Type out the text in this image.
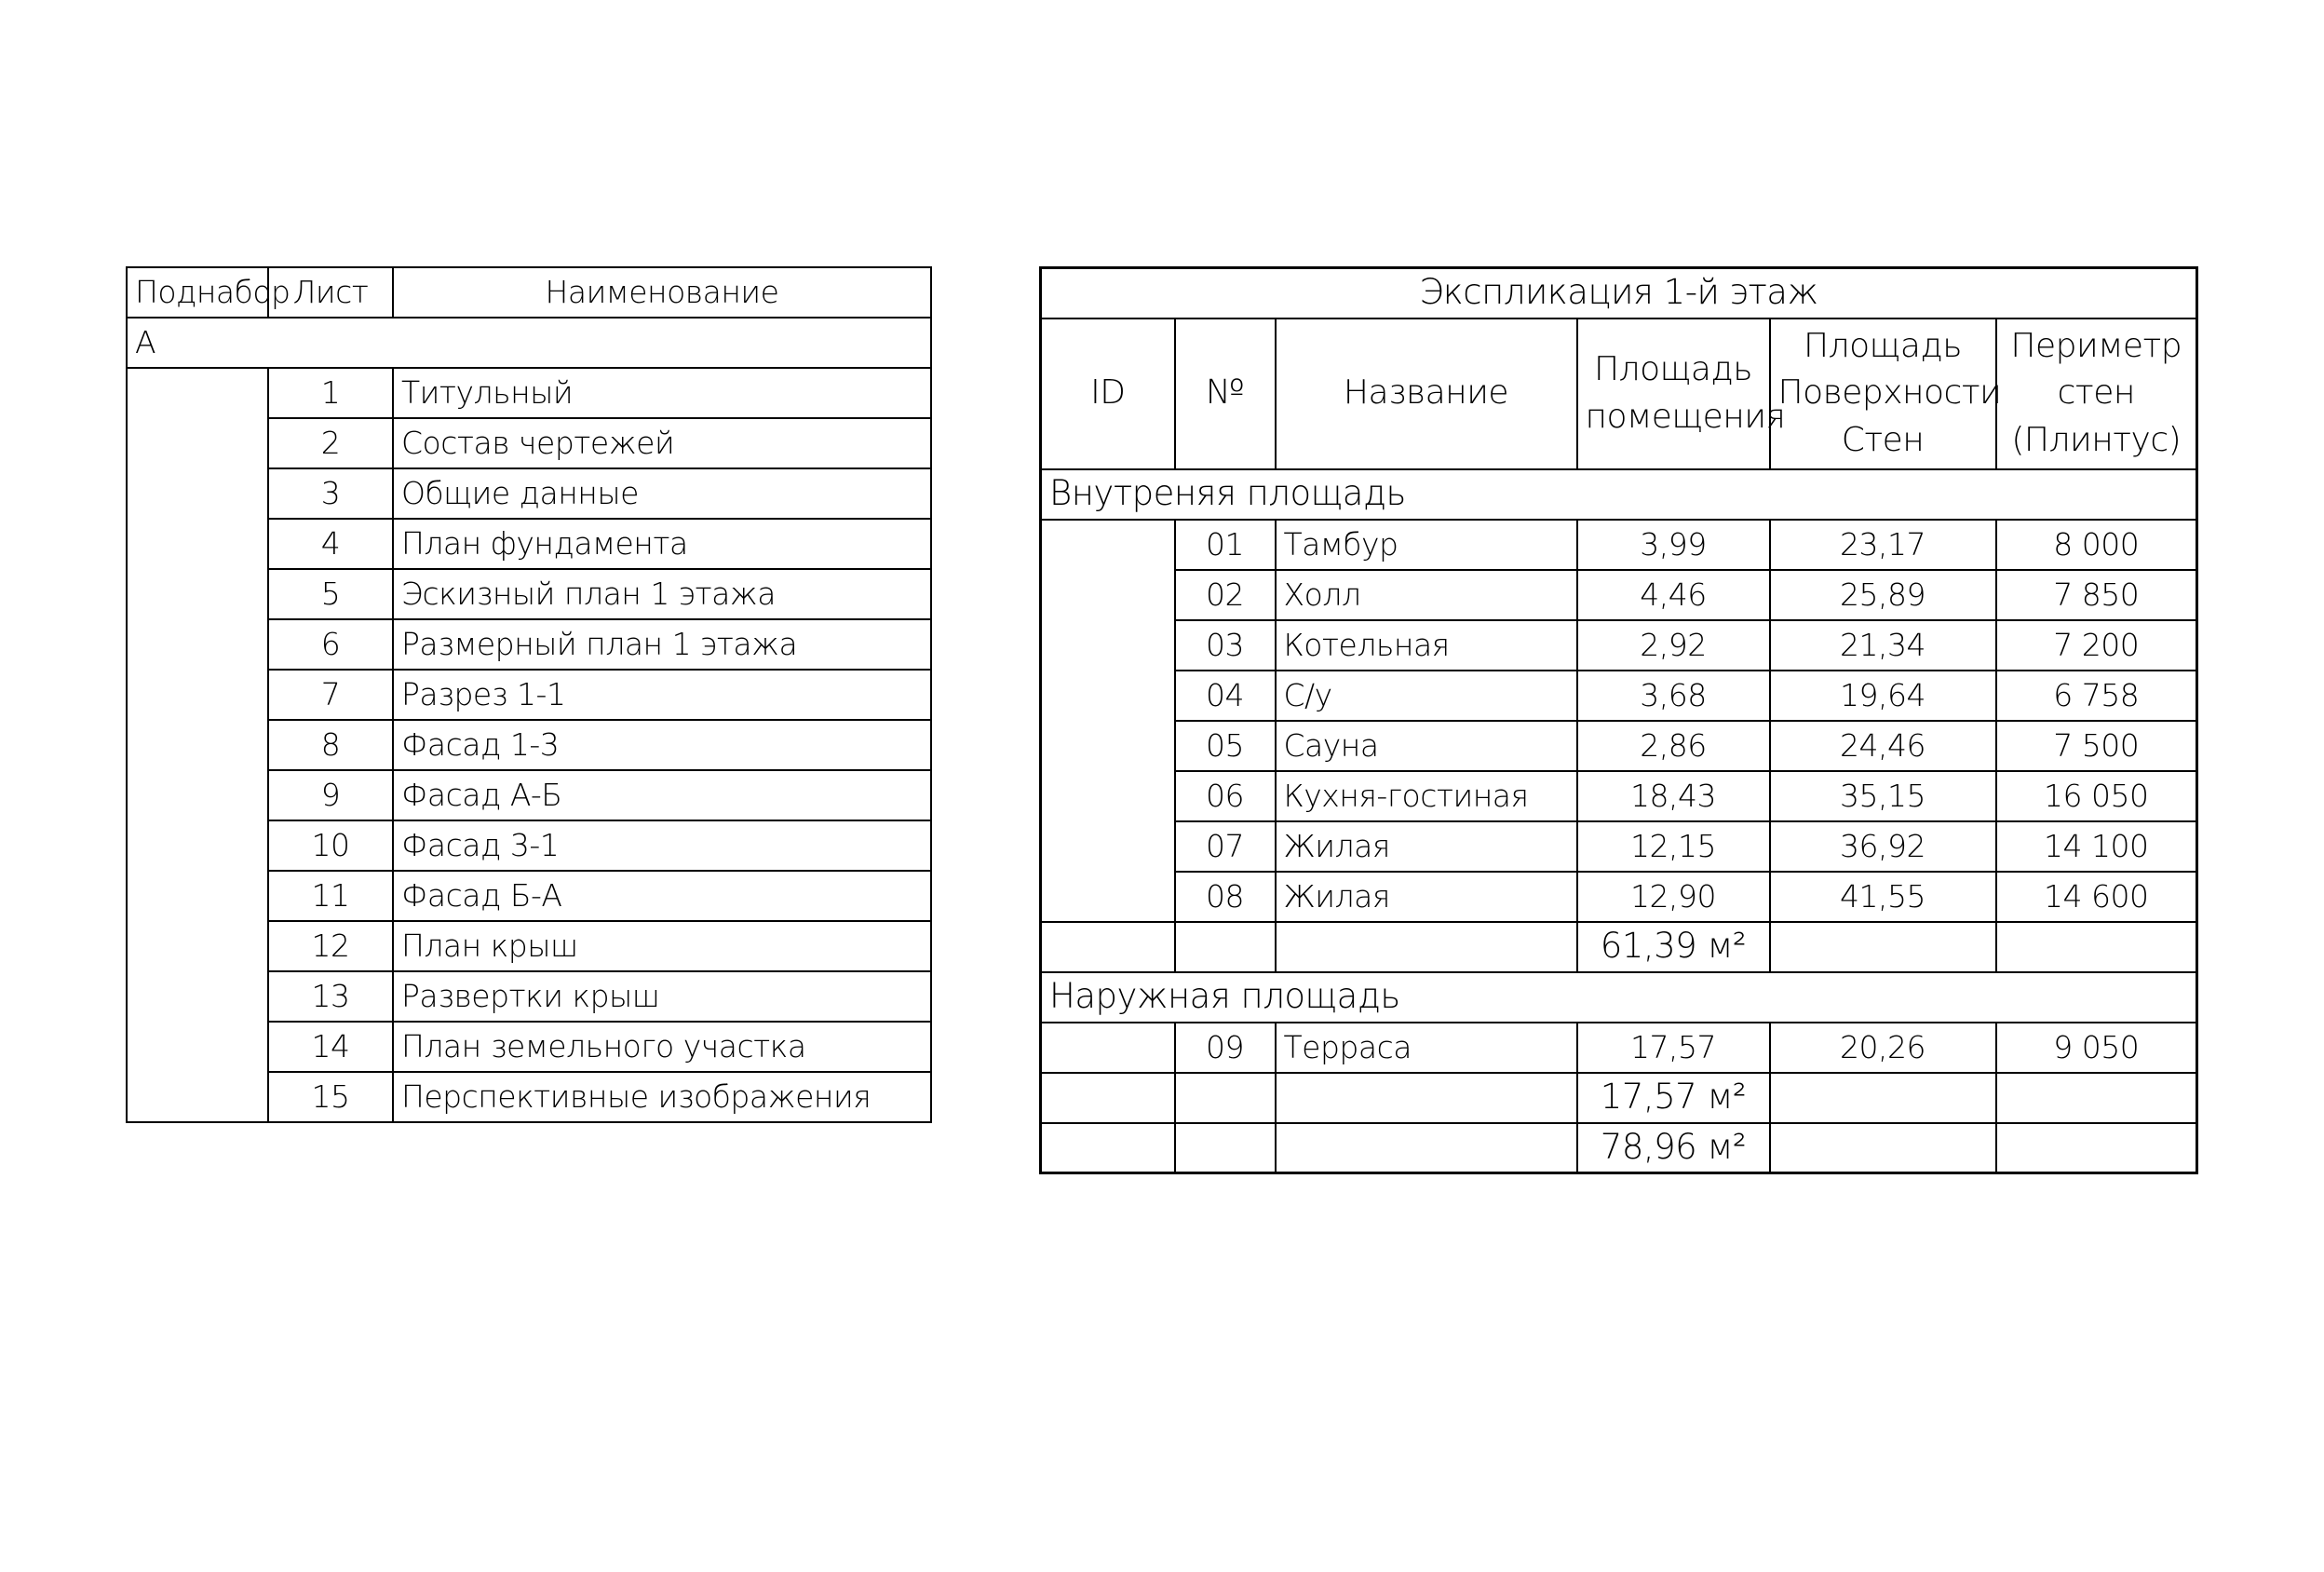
Поднабор	Лист	Наименование
А		
	1	Титульный
	2	Состав чертежей
	3	Общие данные
	4	План фундамента
	5	Эскизный план 1 этажа
	6	Размерный план 1 этажа
	7	Разрез 1-1
	8	Фасад 1-3
	9	Фасад А-Б
	10	Фасад 3-1
	11	Фасад Б-А
	12	План крыш
	13	Развертки крыш
	14	План земельного участка
	15	Перспективные изображения
Экспликация 1-й этаж					
ID	№	Название	Площадь помещения	Площадь Поверхности Стен	Периметр стен (Плинтус)
Внутреняя площадь					
	01	Тамбур	3,99	23,17	8 000
	02	Холл	4,46	25,89	7 850
	03	Котельная	2,92	21,34	7 200
	04	С/у	3,68	19,64	6 758
	05	Сауна	2,86	24,46	7 500
	06	Кухня-гостиная	18,43	35,15	16 050
	07	Жилая	12,15	36,92	14 100
	08	Жилая	12,90	41,55	14 600
			61,39 м²		
Наружная площадь					
	09	Терраса	17,57	20,26	9 050
			17,57 м²		
			78,96 м²		
